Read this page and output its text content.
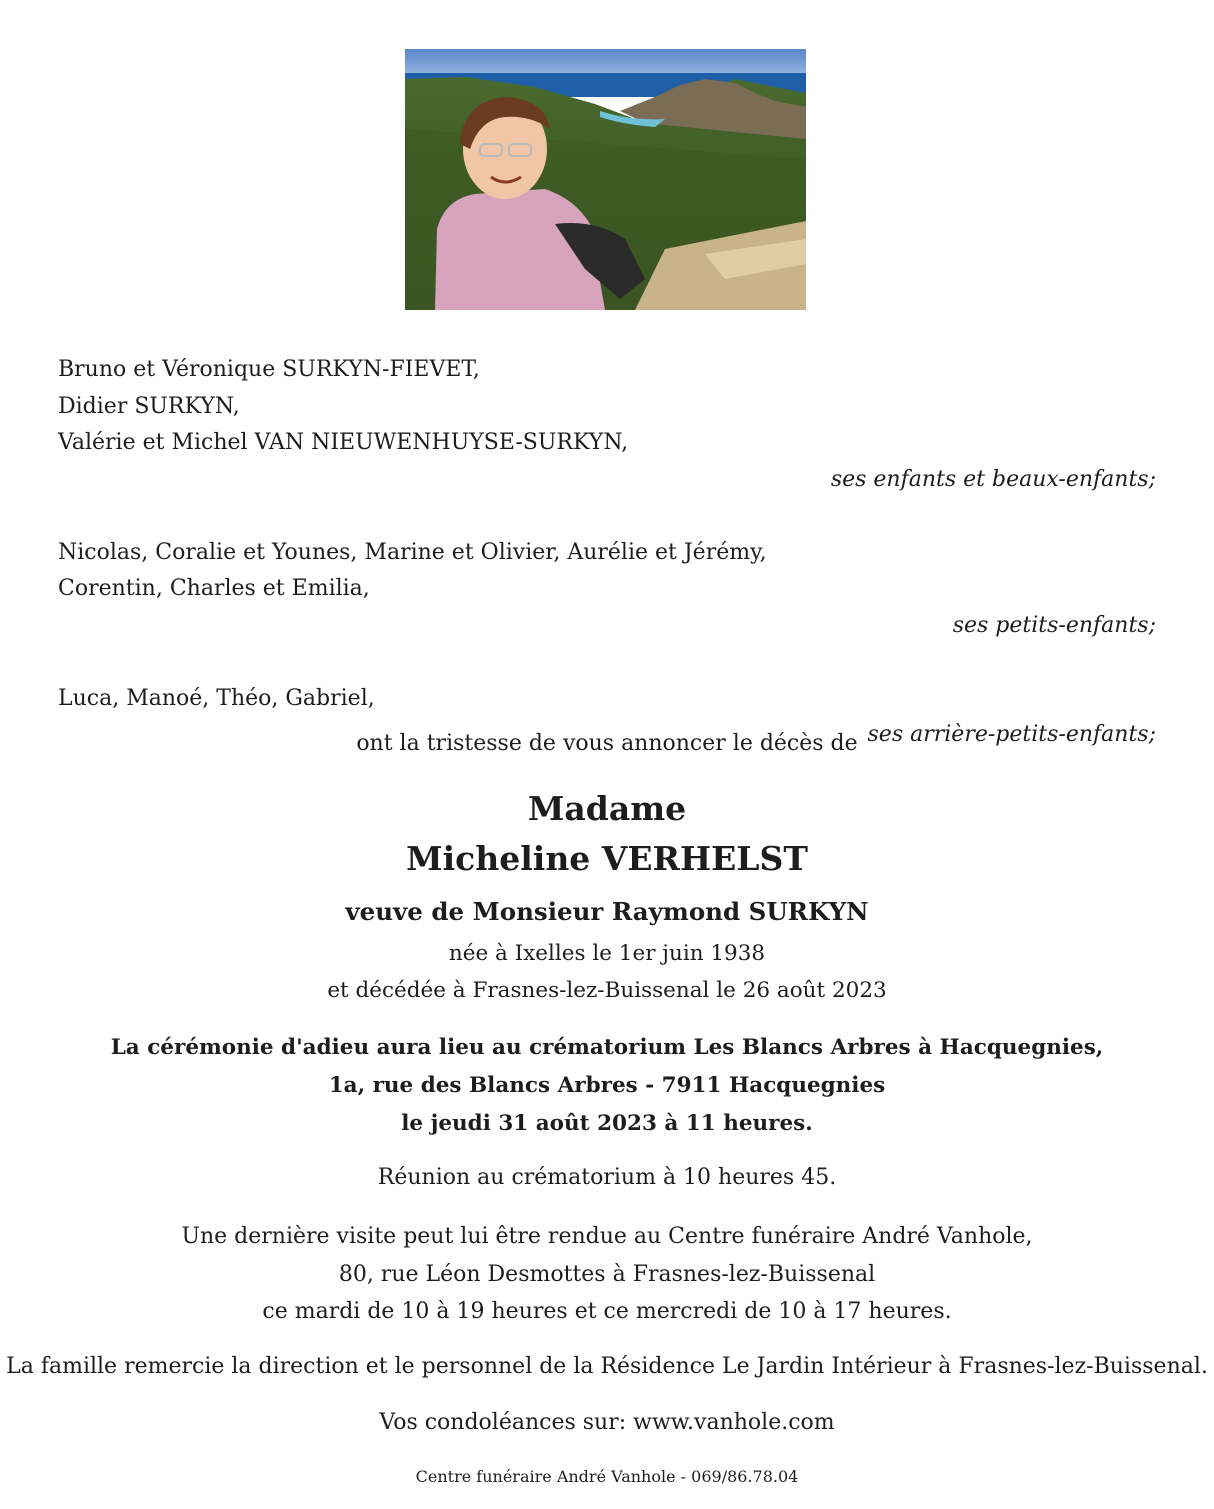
Bruno et Véronique SURKYN-FIEVET,
Didier SURKYN,
Valérie et Michel VAN NIEUWENHUYSE-SURKYN,
ses enfants et beaux-enfants;
Nicolas, Coralie et Younes, Marine et Olivier, Aurélie et Jérémy,
Corentin, Charles et Emilia,
ses petits-enfants;
Luca, Manoé, Théo, Gabriel,
ses arrière-petits-enfants;
ont la tristesse de vous annoncer le décès de
Madame
Micheline VERHELST
veuve de Monsieur Raymond SURKYN
née à Ixelles le 1er juin 1938
et décédée à Frasnes-lez-Buissenal le 26 août 2023
La cérémonie d'adieu aura lieu au crématorium Les Blancs Arbres à Hacquegnies,
1a, rue des Blancs Arbres - 7911 Hacquegnies
le jeudi 31 août 2023 à 11 heures.
Réunion au crématorium à 10 heures 45.
Une dernière visite peut lui être rendue au Centre funéraire André Vanhole,
80, rue Léon Desmottes à Frasnes-lez-Buissenal
ce mardi de 10 à 19 heures et ce mercredi de 10 à 17 heures.
La famille remercie la direction et le personnel de la Résidence Le Jardin Intérieur à Frasnes-lez-Buissenal.
Vos condoléances sur: www.vanhole.com
Centre funéraire André Vanhole - 069/86.78.04
